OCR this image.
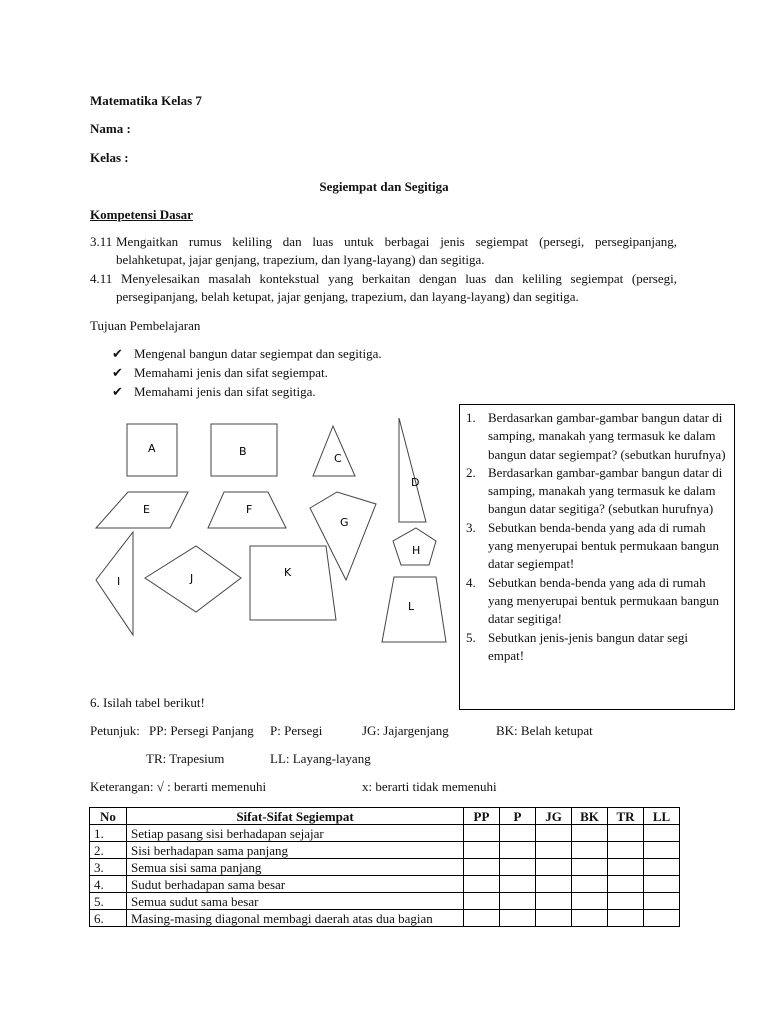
Matematika Kelas 7
Nama :
Kelas :
Segiempat dan Segitiga
Kompetensi Dasar
3.11 Mengaitkan rumus keliling dan luas untuk berbagai jenis segiempat (persegi, persegipanjang,
belahketupat, jajar genjang, trapezium, dan lyang-layang) dan segitiga.
4.11 Menyelesaikan masalah kontekstual yang berkaitan dengan luas dan keliling segiempat (persegi,
persegipanjang, belah ketupat, jajar genjang, trapezium, dan layang-layang) dan segitiga.
Tujuan Pembelajaran
✔ Mengenal bangun datar segiempat dan segitiga.
✔ Memahami jenis dan sifat segiempat.
✔ Memahami jenis dan sifat segitiga.
A	B
C
D
E	F
G
H
I	J	K
L
1. Berdasarkan gambar-gambar bangun datar di samping, manakah yang termasuk ke dalam bangun datar segiempat? (sebutkan hurufnya)
2. Berdasarkan gambar-gambar bangun datar di samping, manakah yang termasuk ke dalam bangun datar segitiga? (sebutkan hurufnya)
3. Sebutkan benda-benda yang ada di rumah yang menyerupai bentuk permukaan bangun datar segiempat!
4. Sebutkan benda-benda yang ada di rumah yang menyerupai bentuk permukaan bangun datar segitiga!
5. Sebutkan jenis-jenis bangun datar segi empat!
6. Isilah tabel berikut!
Petunjuk: PP: Persegi Panjang P: Persegi	JG: Jajargenjang	BK: Belah ketupat
TR: Trapesium	LL: Layang-layang
Keterangan: √ : berarti memenuhi	x: berarti tidak memenuhi
No	Sifat-Sifat Segiempat	PP	P	JG	BK	TR	LL
1.	Setiap pasang sisi berhadapan sejajar						
2.	Sisi berhadapan sama panjang						
3.	Semua sisi sama panjang						
4.	Sudut berhadapan sama besar						
5.	Semua sudut sama besar						
6.	Masing-masing diagonal membagi daerah atas dua bagian						
